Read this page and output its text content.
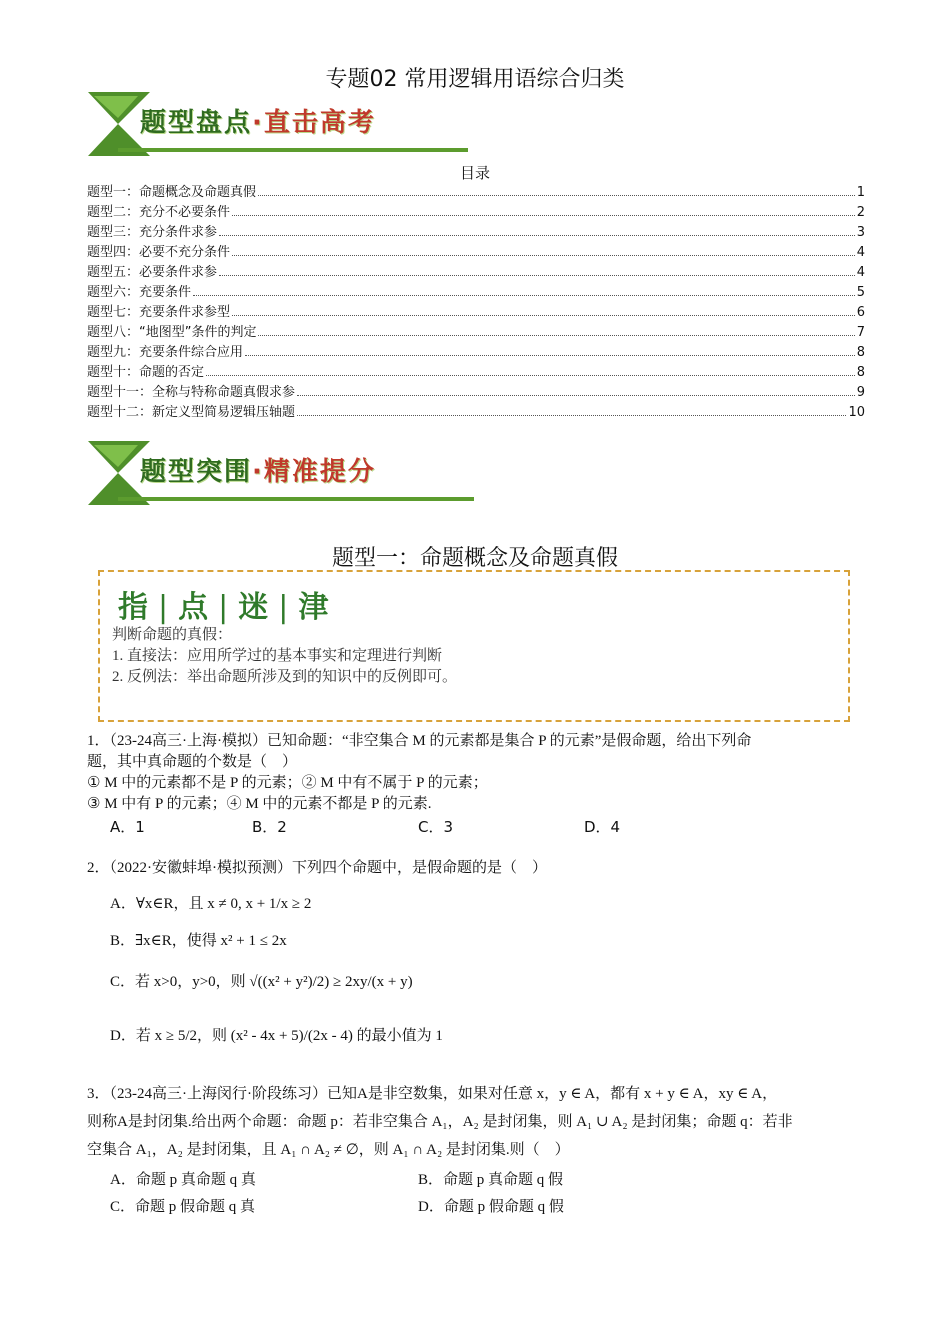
专题02 常用逻辑用语综合归类
题型盘点·直击高考
目录
题型一：命题概念及命题真假	1
题型二：充分不必要条件	2
题型三：充分条件求参	3
题型四：必要不充分条件	4
题型五：必要条件求参	4
题型六：充要条件	5
题型七：充要条件求参型	6
题型八：“地图型”条件的判定	7
题型九：充要条件综合应用	8
题型十：命题的否定	8
题型十一：全称与特称命题真假求参	9
题型十二：新定义型简易逻辑压轴题	10
题型突围·精准提分
题型一：命题概念及命题真假
指 | 点 | 迷 | 津
判断命题的真假：
1. 直接法：应用所学过的基本事实和定理进行判断
2. 反例法：举出命题所涉及到的知识中的反例即可。
1．（23-24高三·上海·模拟）已知命题：“非空集合 M 的元素都是集合 P 的元素”是假命题，给出下列命
题，其中真命题的个数是（　）
① M 中的元素都不是 P 的元素；② M 中有不属于 P 的元素；
③ M 中有 P 的元素；④ M 中的元素不都是 P 的元素.
A．1	B．2	C．3	D．4
2．（2022·安徽蚌埠·模拟预测）下列四个命题中，是假命题的是（　）
A．∀x∈R，且 x ≠ 0, x + 1/x ≥ 2
B．∃x∈R，使得 x² + 1 ≤ 2x
C．若 x>0，y>0，则 √((x² + y²)/2) ≥ 2xy/(x + y)
D．若 x ≥ 5/2，则 (x² - 4x + 5)/(2x - 4) 的最小值为 1
3．（23-24高三·上海闵行·阶段练习）已知A是非空数集，如果对任意 x，y ∈ A，都有 x + y ∈ A，xy ∈ A，
则称A是封闭集.给出两个命题：命题 p：若非空集合 A₁，A₂ 是封闭集，则 A₁ ∪ A₂ 是封闭集；命题 q：若非
空集合 A₁，A₂ 是封闭集，且 A₁ ∩ A₂ ≠ ∅，则 A₁ ∩ A₂ 是封闭集.则（　）
A．命题 p 真命题 q 真	B．命题 p 真命题 q 假
C．命题 p 假命题 q 真	D．命题 p 假命题 q 假
